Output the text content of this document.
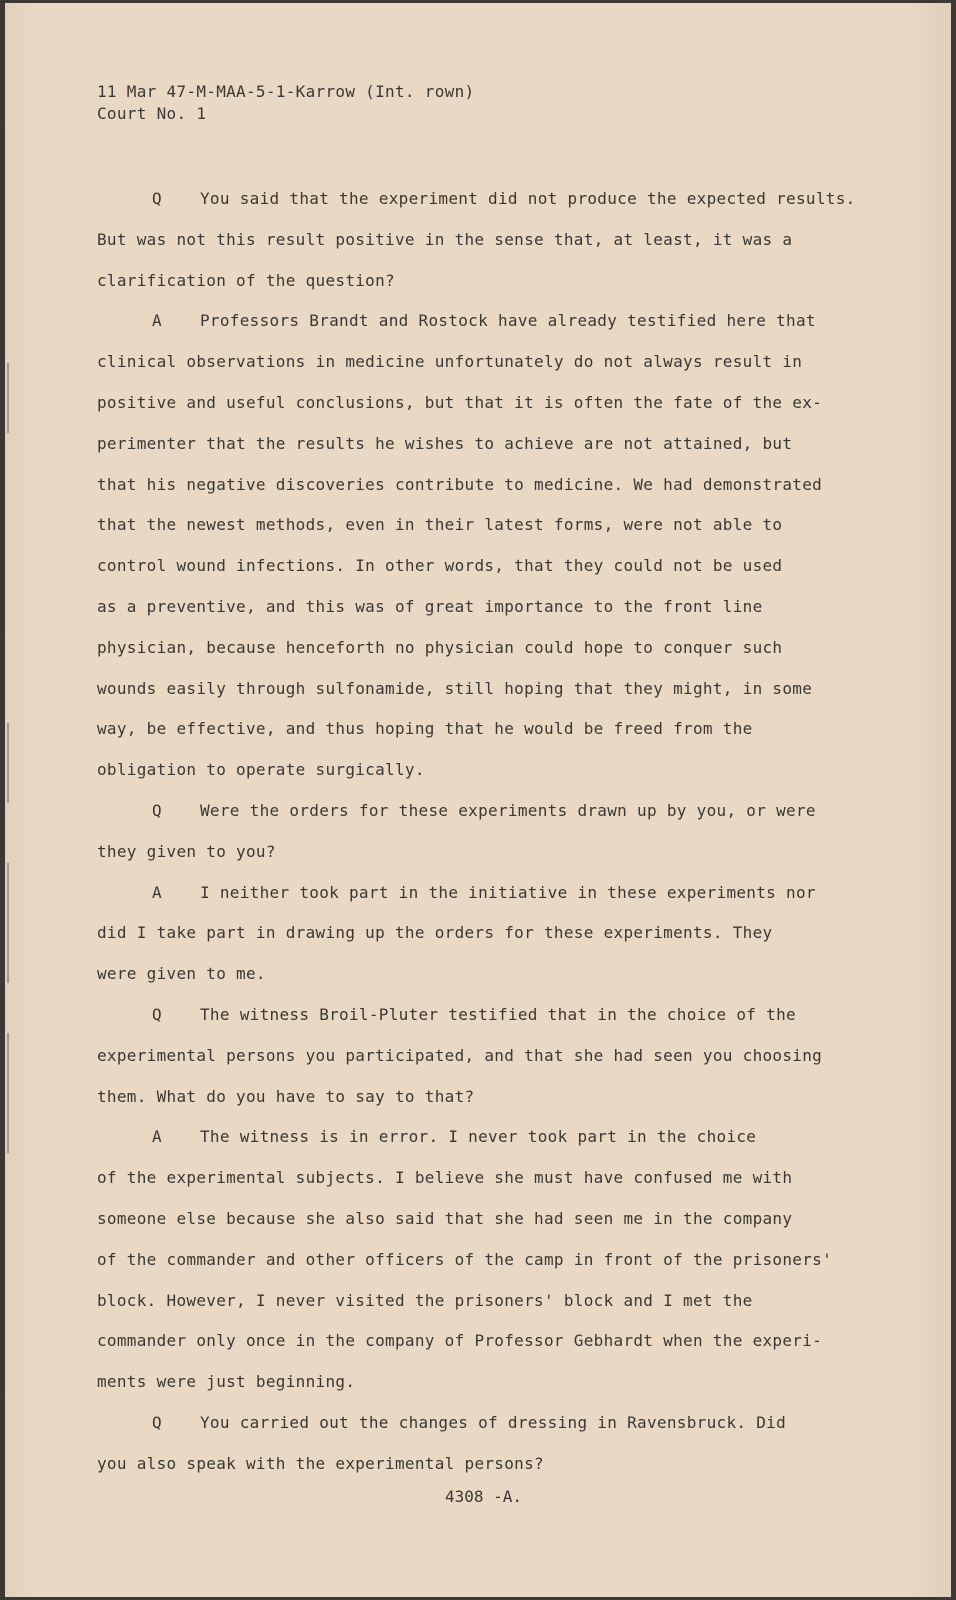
11 Mar 47-M-MAA-5-1-Karrow (Int. rown)
Court No. 1
Q You said that the experiment did not produce the expected results.
But was not this result positive in the sense that, at least, it was a
clarification of the question?
A Professors Brandt and Rostock have already testified here that
clinical observations in medicine unfortunately do not always result in
positive and useful conclusions, but that it is often the fate of the ex-
perimenter that the results he wishes to achieve are not attained, but
that his negative discoveries contribute to medicine. We had demonstrated
that the newest methods, even in their latest forms, were not able to
control wound infections. In other words, that they could not be used
as a preventive, and this was of great importance to the front line
physician, because henceforth no physician could hope to conquer such
wounds easily through sulfonamide, still hoping that they might, in some
way, be effective, and thus hoping that he would be freed from the
obligation to operate surgically.
Q Were the orders for these experiments drawn up by you, or were
they given to you?
A I neither took part in the initiative in these experiments nor
did I take part in drawing up the orders for these experiments. They
were given to me.
Q The witness Broil-Pluter testified that in the choice of the
experimental persons you participated, and that she had seen you choosing
them. What do you have to say to that?
A The witness is in error. I never took part in the choice
of the experimental subjects. I believe she must have confused me with
someone else because she also said that she had seen me in the company
of the commander and other officers of the camp in front of the prisoners'
block. However, I never visited the prisoners' block and I met the
commander only once in the company of Professor Gebhardt when the experi-
ments were just beginning.
Q You carried out the changes of dressing in Ravensbruck. Did
you also speak with the experimental persons?
4308 -A.
